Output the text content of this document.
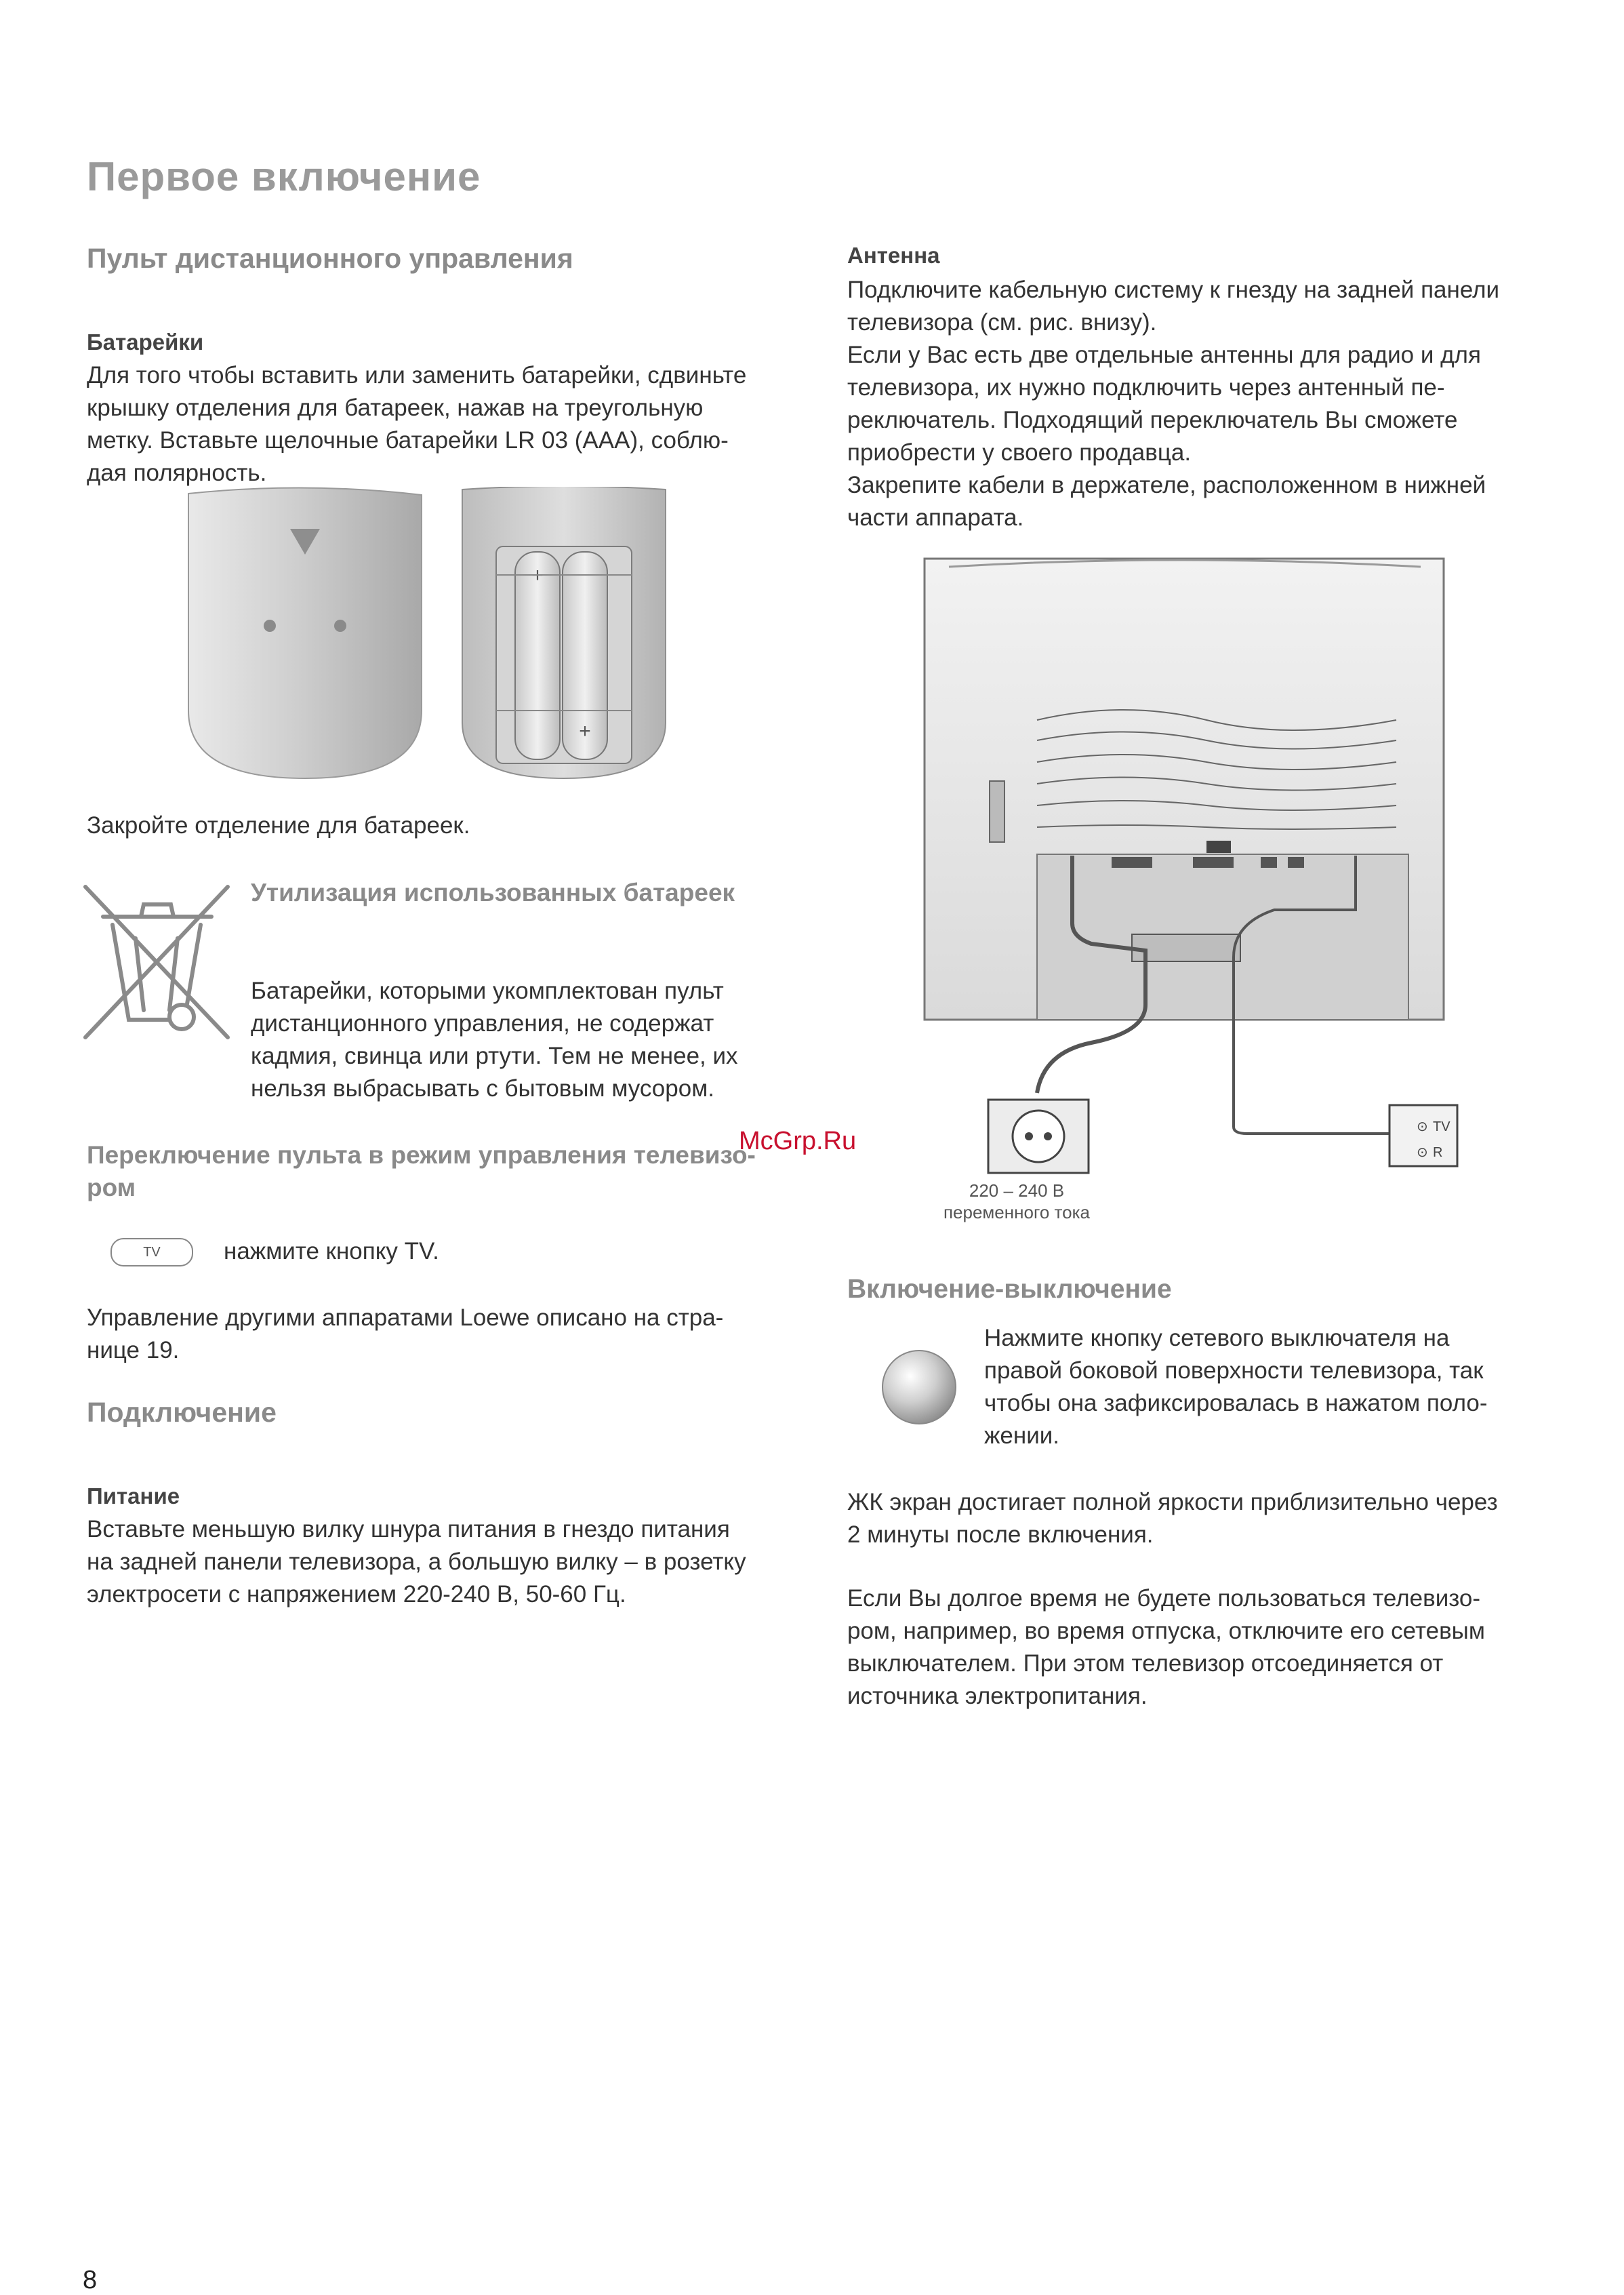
Первое включение
Пульт дистанционного управления
Батарейки
Для того чтобы вставить или заменить батарейки, сдвиньте
крышку отделения для батареек, нажав на треугольную
метку. Вставьте щелочные батарейки LR 03 (AAA), соблю-
дая полярность.
+
+
Закройте отделение для батареек.
Утилизация использованных батареек
Батарейки, которыми укомплектован пульт
дистанционного управления, не содержат
кадмия, свинца или ртути. Тем не менее, их
нельзя выбрасывать с бытовым мусором.
Переключение пульта в режим управления телевизо-
ром
TV	нажмите кнопку TV.
Управление другими аппаратами Loewe описано на стра-
нице 19.
Подключение
Питание
Вставьте меньшую вилку шнура питания в гнездо питания
на задней панели телевизора, а большую вилку – в розетку
электросети с напряжением 220-240 В, 50-60 Гц.
McGrp.Ru
Антенна
Подключите кабельную систему к гнезду на задней панели
телевизора (см. рис. внизу).
Если у Вас есть две отдельные антенны для радио и для
телевизора, их нужно подключить через антенный пе-
реключатель. Подходящий переключатель Вы сможете
приобрести у своего продавца.
Закрепите кабели в держателе, расположенном в нижней
части аппарата.
⊙ TV
⊙ R
220 – 240 В
переменного тока
Включение-выключение
Нажмите кнопку сетевого выключателя на
правой боковой поверхности телевизора, так
чтобы она зафиксировалась в нажатом поло-
жении.
ЖК экран достигает полной яркости приблизительно через
2 минуты после включения.
Если Вы долгое время не будете пользоваться телевизо-
ром, например, во время отпуска, отключите его сетевым
выключателем. При этом телевизор отсоединяется от
источника электропитания.
8
